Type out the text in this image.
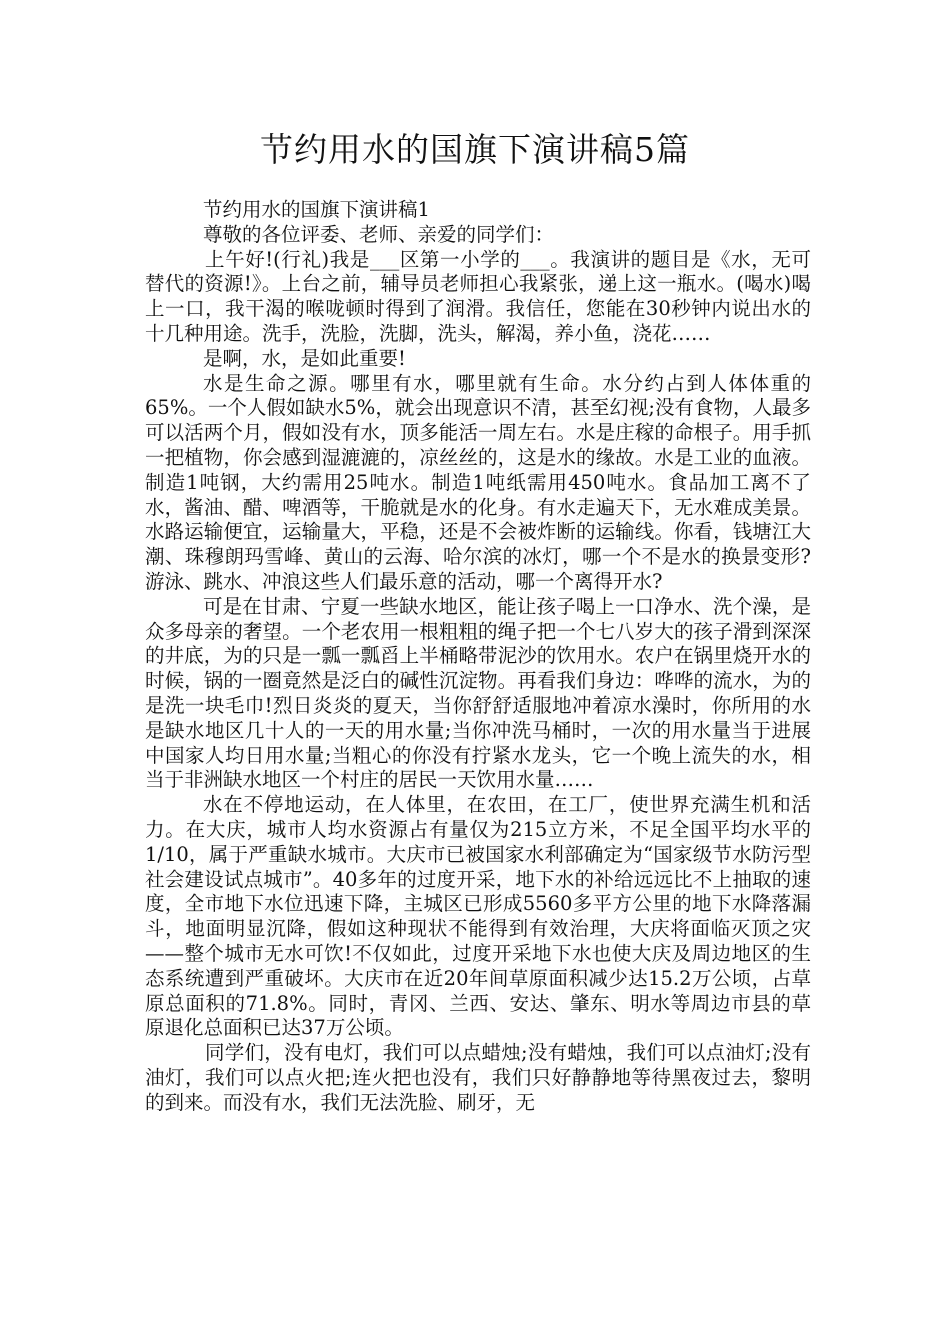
节约用水的国旗下演讲稿5篇

节约用水的国旗下演讲稿1

尊敬的各位评委、老师、亲爱的同学们：

上午好!(行礼)我是___区第一小学的___。我演讲的题目是《水，无可替代的资源!》。上台之前，辅导员老师担心我紧张，递上这一瓶水。(喝水)喝上一口，我干渴的喉咙顿时得到了润滑。我信任，您能在30秒钟内说出水的十几种用途。洗手，洗脸，洗脚，洗头，解渴，养小鱼，浇花……

是啊，水，是如此重要!

水是生命之源。哪里有水，哪里就有生命。水分约占到人体体重的65%。一个人假如缺水5%，就会出现意识不清，甚至幻视;没有食物，人最多可以活两个月，假如没有水，顶多能活一周左右。水是庄稼的命根子。用手抓一把植物，你会感到湿漉漉的，凉丝丝的，这是水的缘故。水是工业的血液。制造1吨钢，大约需用25吨水。制造1吨纸需用450吨水。食品加工离不了水，酱油、醋、啤酒等，干脆就是水的化身。有水走遍天下，无水难成美景。水路运输便宜，运输量大，平稳，还是不会被炸断的运输线。你看，钱塘江大潮、珠穆朗玛雪峰、黄山的云海、哈尔滨的冰灯，哪一个不是水的换景变形?游泳、跳水、冲浪这些人们最乐意的活动，哪一个离得开水?

可是在甘肃、宁夏一些缺水地区，能让孩子喝上一口净水、洗个澡，是众多母亲的奢望。一个老农用一根粗粗的绳子把一个七八岁大的孩子滑到深深的井底，为的只是一瓢一瓢舀上半桶略带泥沙的饮用水。农户在锅里烧开水的时候，锅的一圈竟然是泛白的碱性沉淀物。再看我们身边：哗哗的流水，为的是洗一块毛巾!烈日炎炎的夏天，当你舒舒适服地冲着凉水澡时，你所用的水是缺水地区几十人的一天的用水量;当你冲洗马桶时，一次的用水量当于进展中国家人均日用水量;当粗心的你没有拧紧水龙头，它一个晚上流失的水，相当于非洲缺水地区一个村庄的居民一天饮用水量……

水在不停地运动，在人体里，在农田，在工厂，使世界充满生机和活力。在大庆，城市人均水资源占有量仅为215立方米，不足全国平均水平的1/10，属于严重缺水城市。大庆市已被国家水利部确定为“国家级节水防污型社会建设试点城市”。40多年的过度开采，地下水的补给远远比不上抽取的速度，全市地下水位迅速下降，主城区已形成5560多平方公里的地下水降落漏斗，地面明显沉降，假如这种现状不能得到有效治理，大庆将面临灭顶之灾——整个城市无水可饮!不仅如此，过度开采地下水也使大庆及周边地区的生态系统遭到严重破坏。大庆市在近20年间草原面积减少达15.2万公顷，占草原总面积的71.8%。同时，青冈、兰西、安达、肇东、明水等周边市县的草原退化总面积已达37万公顷。

同学们，没有电灯，我们可以点蜡烛;没有蜡烛，我们可以点油灯;没有油灯，我们可以点火把;连火把也没有，我们只好静静地等待黑夜过去，黎明的到来。而没有水，我们无法洗脸、刷牙，无
